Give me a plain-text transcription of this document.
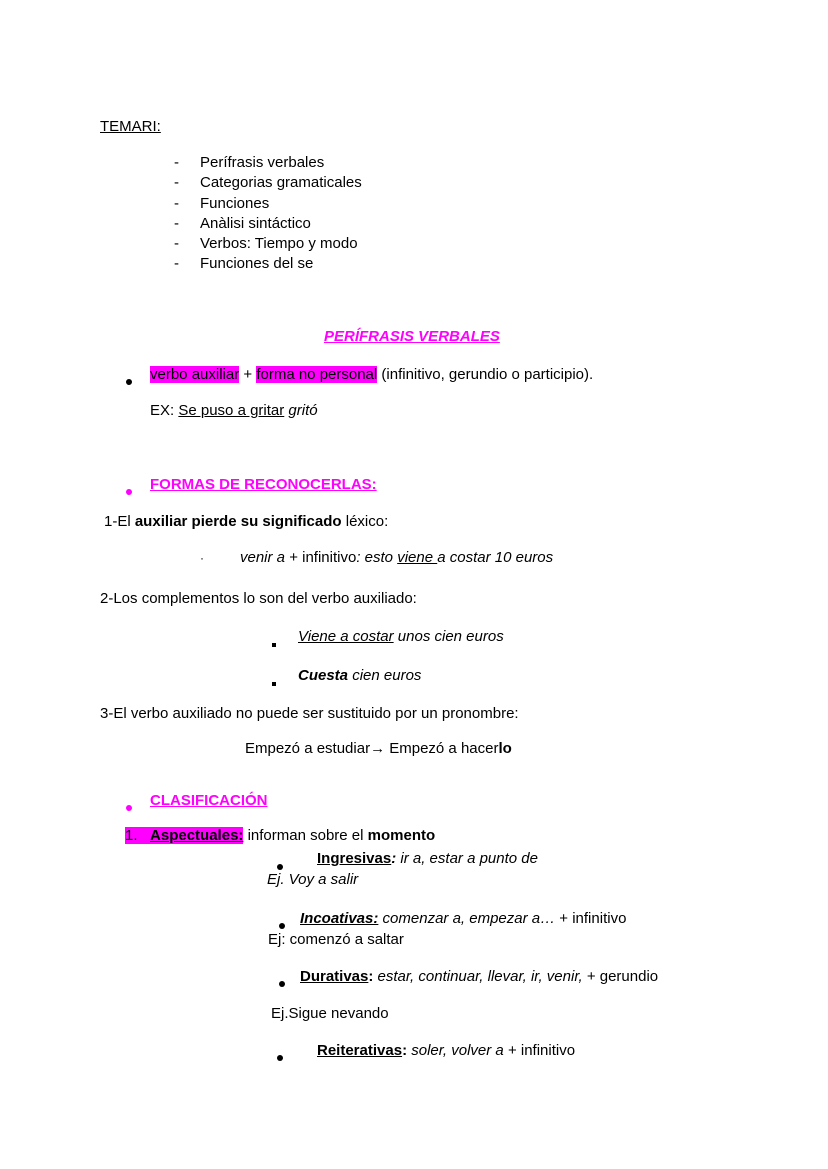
TEMARI:
- Perífrasis verbales
- Categorias gramaticales
- Funciones
- Anàlisi sintáctico
- Verbos: Tiempo y modo
- Funciones del se
PERÍFRASIS VERBALES
verbo auxiliar + forma no personal (infinitivo, gerundio o participio).
EX: Se puso a gritar gritó
FORMAS DE RECONOCERLAS:
1-El auxiliar pierde su significado léxico:
· venir a + infinitivo: esto viene a costar 10 euros
2-Los complementos lo son del verbo auxiliado:
Viene a costar unos cien euros
Cuesta cien euros
3-El verbo auxiliado no puede ser sustituido por un pronombre:
Empezó a estudiar→ Empezó a hacerlo
CLASIFICACIÓN
1. Aspectuales: informan sobre el momento
Ingresivas: ir a, estar a punto de
Ej. Voy a salir
Incoativas: comenzar a, empezar a… + infinitivo
Ej: comenzó a saltar
Durativas: estar, continuar, llevar, ir, venir, + gerundio
Ej.Sigue nevando
Reiterativas: soler, volver a + infinitivo
